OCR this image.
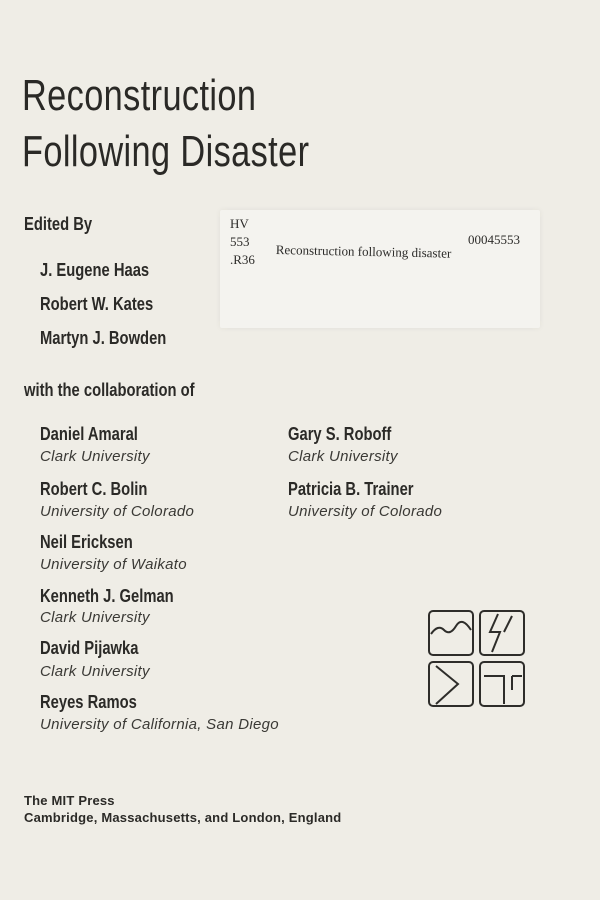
Reconstruction
Following Disaster
Edited By
J. Eugene Haas
Robert W. Kates
Martyn J. Bowden
HV
553
.R36
00045553
Reconstruction following disaster
with the collaboration of
Daniel Amaral
Clark University
Robert C. Bolin
University of Colorado
Neil Ericksen
University of Waikato
Kenneth J. Gelman
Clark University
David Pijawka
Clark University
Reyes Ramos
University of California, San Diego
Gary S. Roboff
Clark University
Patricia B. Trainer
University of Colorado
The MIT Press
Cambridge, Massachusetts, and London, England
